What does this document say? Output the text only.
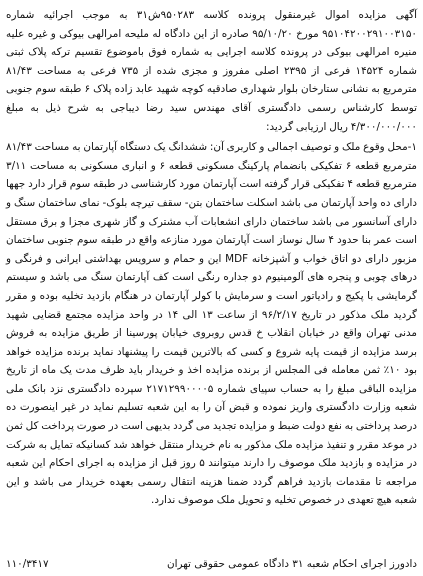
آگهی مزایده اموال غیرمنقول پرونده کلاسه ۹۵۰۲۸۳ش۳۱ به موجب اجرائیه شماره ۹۵۱۰۴۲۰۰۲۹۱۰۰۳۱۵۰ مورخ ۹۵/۱۰/۲۰ صادره از این دادگاه له ملیحه امرالهی بیوکی و غیره علیه منیره امرالهی بیوکی در پرونده کلاسه اجرایی به شماره فوق باموضوع تقسیم ترکه پلاک ثبتی شماره ۱۴۵۲۴ فرعی از ۲۳۹۵ اصلی مفروز و مجزی شده از ۷۳۵ فرعی به مساحت ۸۱/۴۳ مترمربع به نشانی ستارخان بلوار شهداری صادقیه کوچه شهید عابد زاده پلاک ۶ طبقه سوم جنوبی توسط کارشناس رسمی دادگستری آقای مهندس سید رضا دیباجی به شرح ذیل به مبلغ ۴/۳۰۰/۰۰۰/۰۰۰ ریال ارزیابی گردید:

۱-محل وقوع ملک و توصیف اجمالی و کاربری آن: ششدانگ یک دستگاه آپارتمان به مساحت ۸۱/۴۳ مترمربع قطعه ۶ تفکیکی بانضمام پارکینگ مسکونی قطعه ۶ و انباری مسکونی به مساحت ۳/۱۱ مترمربع قطعه ۴ تفکیکی قرار گرفته است آپارتمان مورد کارشناسی در طبقه سوم قرار دارد جهها دارای ده واحد آپارتمان می باشد اسکلت ساختمان بتن- سقف تیرچه بلوک- نمای ساختمان سنگ و دارای آسانسور می باشد ساختمان دارای انشعابات آب مشترک و گاز شهری مجزا و برق مستقل است عمر بنا حدود ۴ سال نوساز است آپارتمان مورد منازعه واقع در طبقه سوم جنوبی ساختمان مزبور دارای دو اتاق خواب و آشپزخانه MDF این و حمام و سرویس بهداشتی ایرانی و فرنگی و درهای چوبی و پنجره های آلومینیوم دو جداره رنگی است کف آپارتمان سنگ می باشد و سیستم گرمایشی با پکیج و رادیاتور است و سرمایش با کولر آپارتمان در هنگام بازدید تخلیه بوده و مقرر گردید ملک مذکور در تاریخ ۹۶/۲/۱۷ از ساعت ۱۳ الی ۱۴ در واحد مزایده مجتمع قضایی شهید مدنی تهران واقع در خیابان انقلاب خ قدس روبروی خیابان پورسینا از طریق مزایده به فروش برسد مزایده از قیمت پایه شروع و کسی که بالاترین قیمت را پیشنهاد نماید برنده مزایده خواهد بود ۱۰٪ ثمن معامله فی المجلس از برنده مزایده اخذ و خریدار باید ظرف مدت یک ماه از تاریخ مزایده الباقی مبلغ را به حساب سپیای شماره ۲۱۷۱۲۹۹۰۰۰۰۵ سپرده دادگستری نزد بانک ملی شعبه وزارت دادگستری واریز نموده و قبض آن را به این شعبه تسلیم نماید در غیر اینصورت ده درصد پرداختی به نفع دولت ضبط و مزایده تجدید می گردد بدیهی است در صورت پرداخت کل ثمن در موعد مقرر و تنفیذ مزایده ملک مذکور به نام خریدار منتقل خواهد شد کسانیکه تمایل به شرکت در مزایده و بازدید ملک موصوف را دارند میتوانند ۵ روز قبل از مزایده به اجرای احکام این شعبه مراجعه تا مقدمات بازدید فراهم گردد ضمنا هزینه انتقال رسمی بعهده خریدار می باشد و این شعبه هیچ تعهدی در خصوص تخلیه و تحویل ملک موصوف ندارد.

دادورز اجرای احکام شعبه ۳۱ دادگاه عمومی حقوقی تهران
۱۱۰/۳۴۱۷
